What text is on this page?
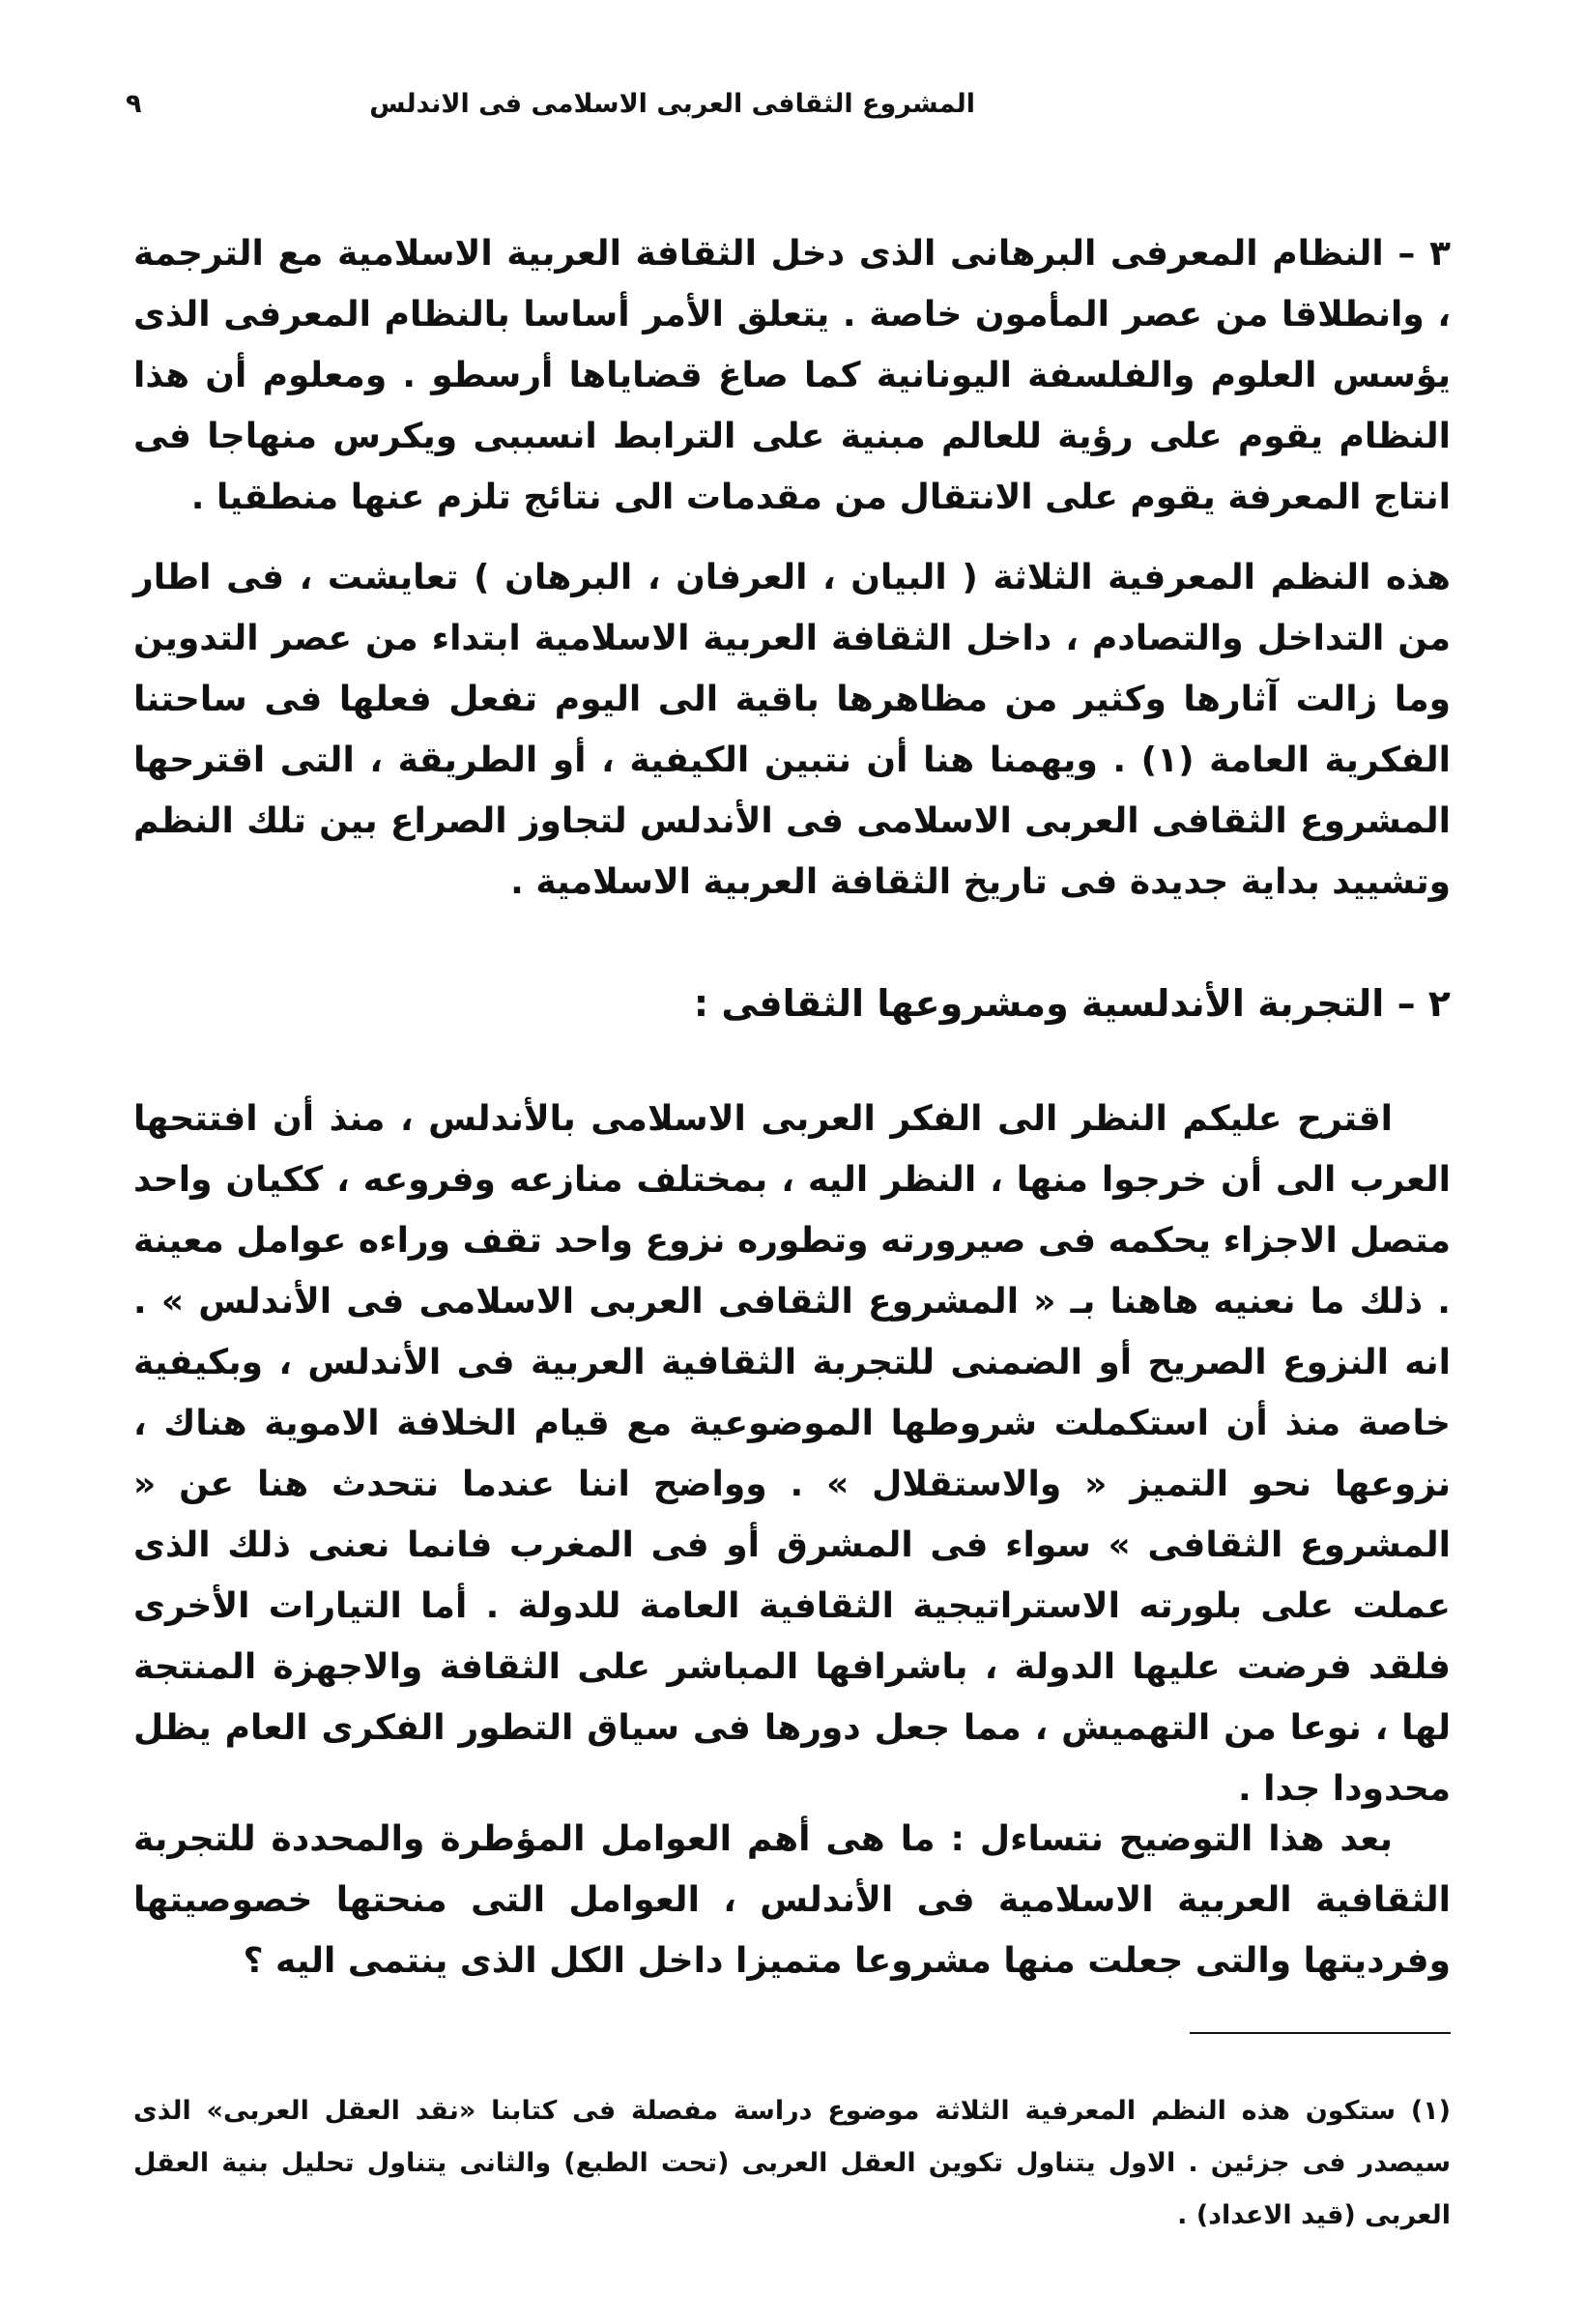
المشروع الثقافى العربى الاسلامى فى الاندلس
٩

٣ – النظام المعرفى البرهانى الذى دخل الثقافة العربية الاسلامية مع الترجمة ، وانطلاقا من عصر المأمون خاصة . يتعلق الأمر أساسا بالنظام المعرفى الذى يؤسس العلوم والفلسفة اليونانية كما صاغ قضاياها أرسطو . ومعلوم أن هذا النظام يقوم على رؤية للعالم مبنية على الترابط انسببى ويكرس منهاجا فى انتاج المعرفة يقوم على الانتقال من مقدمات الى نتائج تلزم عنها منطقيا .

هذه النظم المعرفية الثلاثة ( البيان ، العرفان ، البرهان ) تعايشت ، فى اطار من التداخل والتصادم ، داخل الثقافة العربية الاسلامية ابتداء من عصر التدوين وما زالت آثارها وكثير من مظاهرها باقية الى اليوم تفعل فعلها فى ساحتنا الفكرية العامة (١) . ويهمنا هنا أن نتبين الكيفية ، أو الطريقة ، التى اقترحها المشروع الثقافى العربى الاسلامى فى الأندلس لتجاوز الصراع بين تلك النظم وتشييد بداية جديدة فى تاريخ الثقافة العربية الاسلامية .

٢ – التجربة الأندلسية ومشروعها الثقافى :

اقترح عليكم النظر الى الفكر العربى الاسلامى بالأندلس ، منذ أن افتتحها العرب الى أن خرجوا منها ، النظر اليه ، بمختلف منازعه وفروعه ، ككيان واحد متصل الاجزاء يحكمه فى صيرورته وتطوره نزوع واحد تقف وراءه عوامل معينة . ذلك ما نعنيه هاهنا بـ « المشروع الثقافى العربى الاسلامى فى الأندلس » . انه النزوع الصريح أو الضمنى للتجربة الثقافية العربية فى الأندلس ، وبكيفية خاصة منذ أن استكملت شروطها الموضوعية مع قيام الخلافة الاموية هناك ، نزوعها نحو التميز « والاستقلال » . وواضح اننا عندما نتحدث هنا عن « المشروع الثقافى » سواء فى المشرق أو فى المغرب فانما نعنى ذلك الذى عملت على بلورته الاستراتيجية الثقافية العامة للدولة . أما التيارات الأخرى فلقد فرضت عليها الدولة ، باشرافها المباشر على الثقافة والاجهزة المنتجة لها ، نوعا من التهميش ، مما جعل دورها فى سياق التطور الفكرى العام يظل محدودا جدا .

بعد هذا التوضيح نتساءل : ما هى أهم العوامل المؤطرة والمحددة للتجربة الثقافية العربية الاسلامية فى الأندلس ، العوامل التى منحتها خصوصيتها وفرديتها والتى جعلت منها مشروعا متميزا داخل الكل الذى ينتمى اليه ؟

(١) ستكون هذه النظم المعرفية الثلاثة موضوع دراسة مفصلة فى كتابنا «نقد العقل العربى» الذى سيصدر فى جزئين . الاول يتناول تكوين العقل العربى (تحت الطبع) والثانى يتناول تحليل بنية العقل العربى (قيد الاعداد) .
